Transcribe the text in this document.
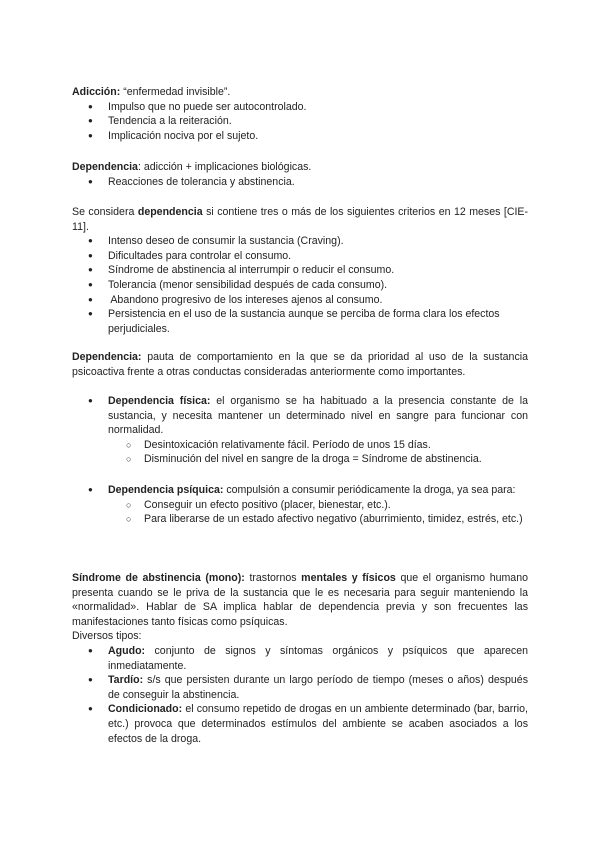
Adicción: “enfermedad invisible”.

● Impulso que no puede ser autocontrolado.
● Tendencia a la reiteración.
● Implicación nociva por el sujeto.

Dependencia: adicción + implicaciones biológicas.

● Reacciones de tolerancia y abstinencia.

Se considera dependencia si contiene tres o más de los siguientes criterios en 12 meses [CIE-11].

● Intenso deseo de consumir la sustancia (Craving).
● Dificultades para controlar el consumo.
● Síndrome de abstinencia al interrumpir o reducir el consumo.
● Tolerancia (menor sensibilidad después de cada consumo).
●  Abandono progresivo de los intereses ajenos al consumo.
● Persistencia en el uso de la sustancia aunque se perciba de forma clara los efectos perjudiciales.

Dependencia: pauta de comportamiento en la que se da prioridad al uso de la sustancia psicoactiva frente a otras conductas consideradas anteriormente como importantes.

● Dependencia física: el organismo se ha habituado a la presencia constante de la sustancia, y necesita mantener un determinado nivel en sangre para funcionar con normalidad.
○ Desintoxicación relativamente fácil. Período de unos 15 días.
○ Disminución del nivel en sangre de la droga = Síndrome de abstinencia.
● Dependencia psíquica: compulsión a consumir periódicamente la droga, ya sea para:
○ Conseguir un efecto positivo (placer, bienestar, etc.).
○ Para liberarse de un estado afectivo negativo (aburrimiento, timidez, estrés, etc.)

Síndrome de abstinencia (mono): trastornos mentales y físicos que el organismo humano presenta cuando se le priva de la sustancia que le es necesaria para seguir manteniendo la «normalidad». Hablar de SA implica hablar de dependencia previa y son frecuentes las manifestaciones tanto físicas como psíquicas.

Diversos tipos:

● Agudo: conjunto de signos y síntomas orgánicos y psíquicos que aparecen inmediatamente.
● Tardío: s/s que persisten durante un largo período de tiempo (meses o años) después de conseguir la abstinencia.
● Condicionado: el consumo repetido de drogas en un ambiente determinado (bar, barrio, etc.) provoca que determinados estímulos del ambiente se acaben asociados a los efectos de la droga.
